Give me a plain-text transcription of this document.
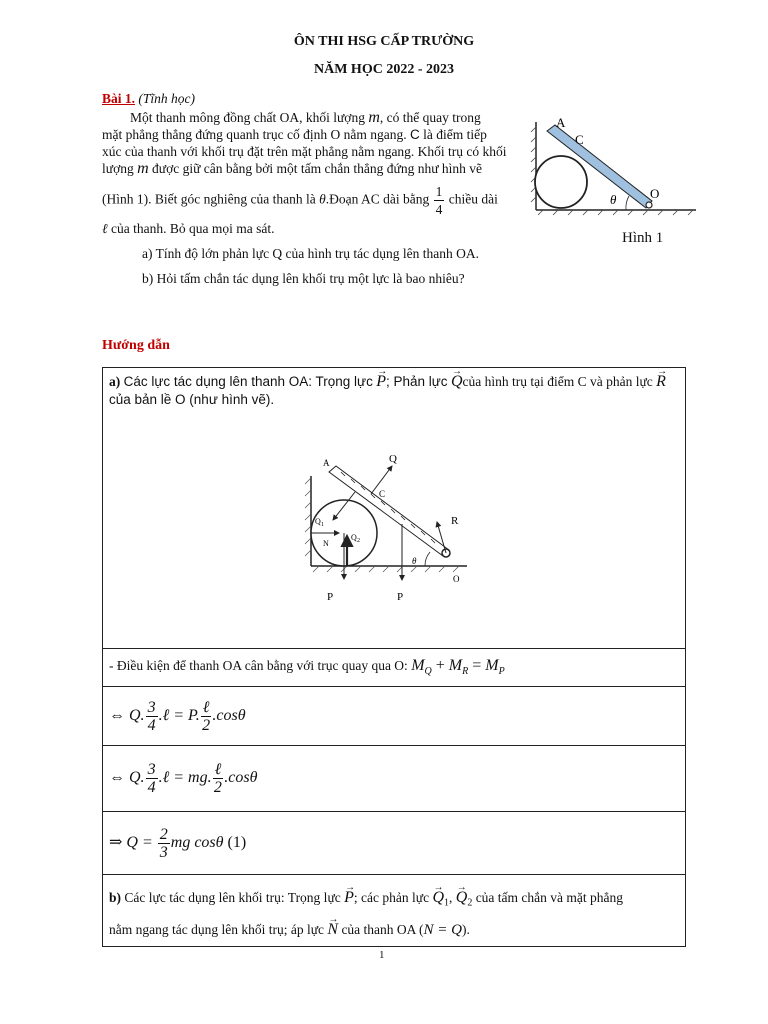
ÔN THI HSG CẤP TRƯỜNG
NĂM HỌC 2022 - 2023
Bài 1. (Tĩnh học)
Một thanh mông đồng chất OA, khối lượng m, có thể quay trong
mặt phẳng thẳng đứng quanh trục cố định O nằm ngang. C là điểm tiếp
xúc của thanh với khối trụ đặt trên mặt phẳng nằm ngang. Khối trụ có khối
lượng m được giữ cân bằng bởi một tấm chắn thẳng đứng như hình vẽ
(Hình 1). Biết góc nghiêng của thanh là θ.Đoạn AC dài bằng $\frac{1}{4}$ chiều dài
ℓ của thanh. Bỏ qua mọi ma sát.
a) Tính độ lớn phản lực Q của hình trụ tác dụng lên thanh OA.
b) Hỏi tấm chắn tác dụng lên khối trụ một lực là bao nhiêu?
A
C
O
θ
Hình 1
Hướng dẫn
a) Các lực tác dụng lên thanh OA: Trọng lực → P; Phản lực → Qcủa hình trụ tại điểm C và phản lực → R
của bản lề O (như hình vẽ).
A
C
O
θ
Q
R
P
P
Q 1
Q 2
N

- Điều kiện để thanh OA cân bằng với trục quay qua O: $M_Q + M_R = M_P$
⇔ Q. $\frac{3}{4}$ .ℓ = P. $\frac{\text{ℓ}}{2} .\cos\theta$
⇔ Q. $\frac{3}{4}$ .ℓ = mg. $\frac{\text{ℓ}}{2} .\cos\theta$
⇒ $Q = \frac{2}{3}$ mg cosθ (1)

b) Các lực tác dụng lên khối trụ: Trọng lực → P; các phản lực → $Q_1$, → $Q_2$ của tấm chắn và mặt phẳng
nằm ngang tác dụng lên khối trụ; áp lực → N của thanh OA (N = Q).
1
